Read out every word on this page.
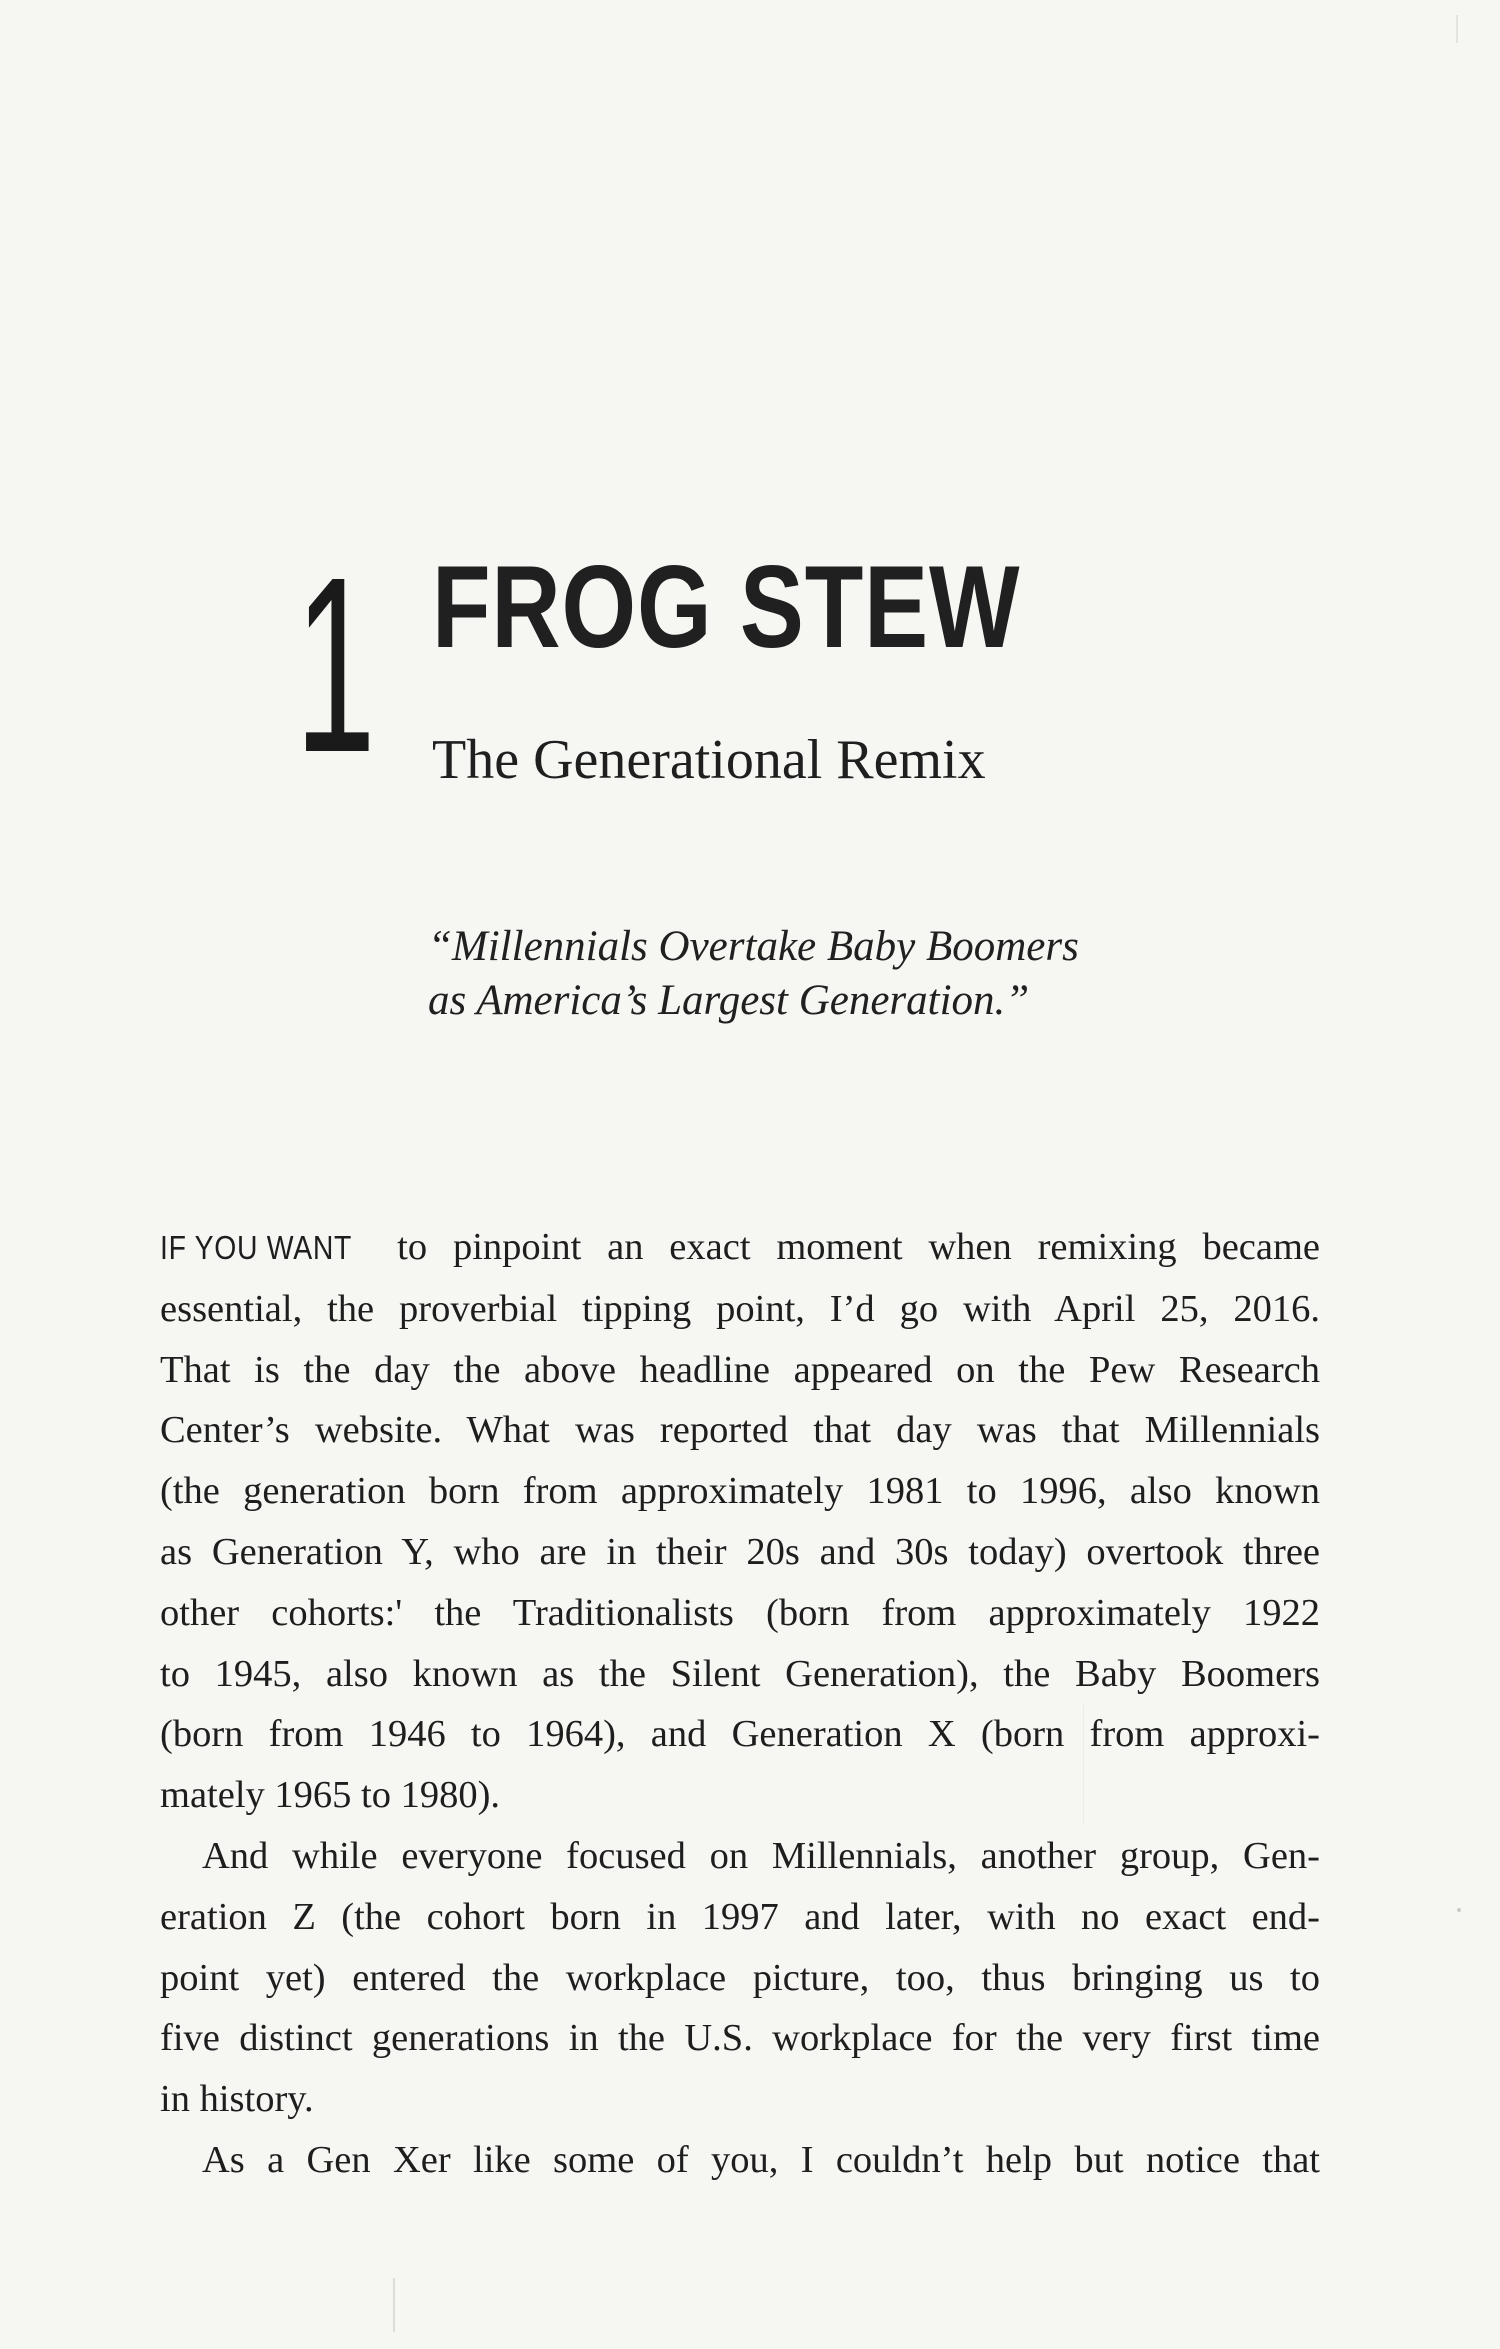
1 FROG STEW
The Generational Remix
“Millennials Overtake Baby Boomers
as America’s Largest Generation.”

IF YOU WANT to pinpoint an exact moment when remixing became
essential, the proverbial tipping point, I’d go with April 25, 2016.
That is the day the above headline appeared on the Pew Research
Center’s website. What was reported that day was that Millennials
(the generation born from approximately 1981 to 1996, also known
as Generation Y, who are in their 20s and 30s today) overtook three
other cohorts:' the Traditionalists (born from approximately 1922
to 1945, also known as the Silent Generation), the Baby Boomers
(born from 1946 to 1964), and Generation X (born from approxi-
mately 1965 to 1980).

And while everyone focused on Millennials, another group, Gen-
eration Z (the cohort born in 1997 and later, with no exact end-
point yet) entered the workplace picture, too, thus bringing us to
five distinct generations in the U.S. workplace for the very first time
in history.

As a Gen Xer like some of you, I couldn’t help but notice that
